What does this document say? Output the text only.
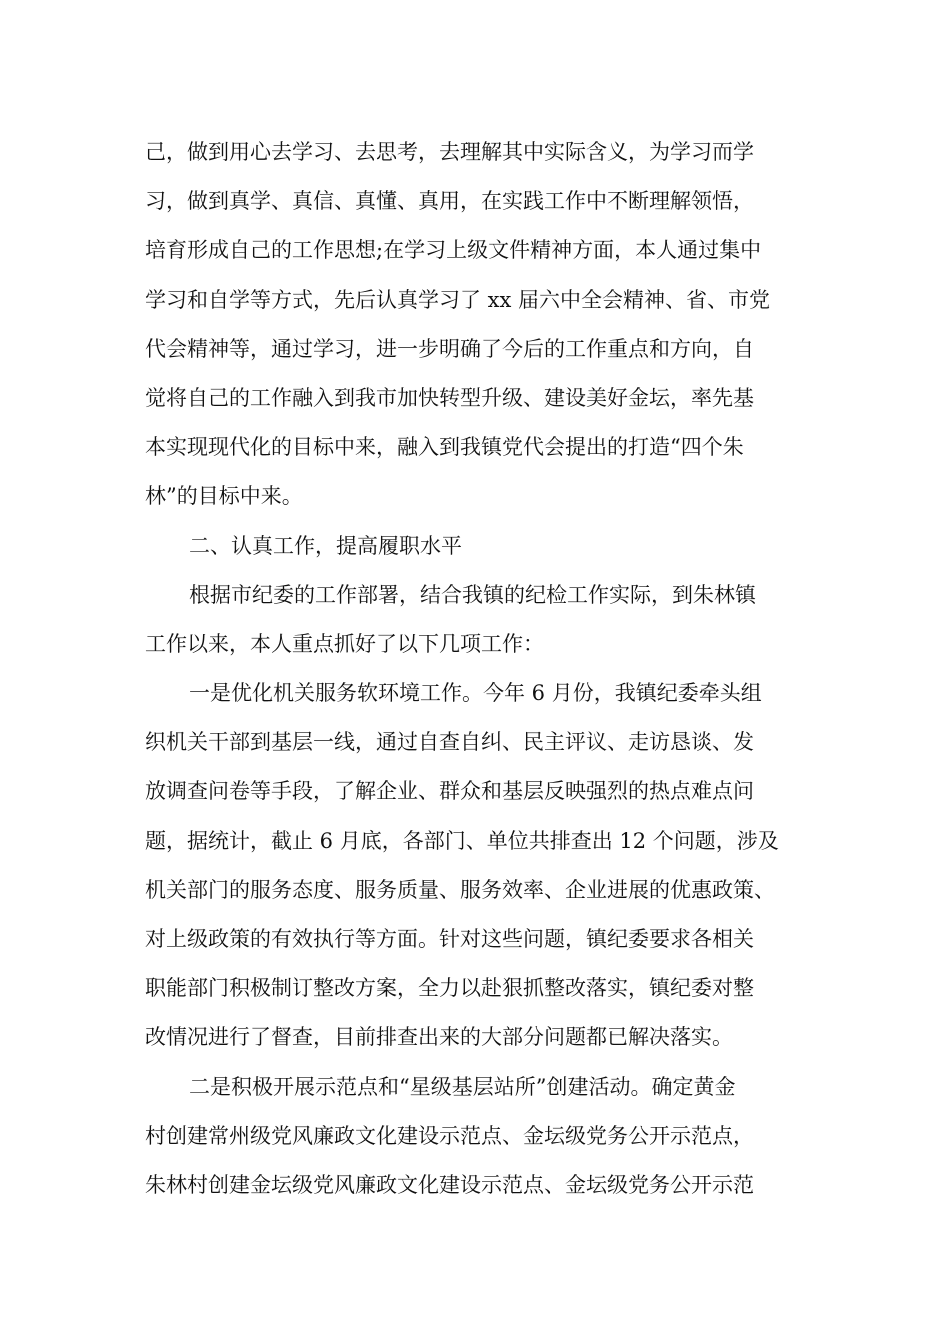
己，做到用心去学习、去思考，去理解其中实际含义，为学习而学
习，做到真学、真信、真懂、真用，在实践工作中不断理解领悟，
培育形成自己的工作思想;在学习上级文件精神方面，本人通过集中
学习和自学等方式，先后认真学习了 xx 届六中全会精神、省、市党
代会精神等，通过学习，进一步明确了今后的工作重点和方向，自
觉将自己的工作融入到我市加快转型升级、建设美好金坛，率先基
本实现现代化的目标中来，融入到我镇党代会提出的打造“四个朱
林”的目标中来。
二、认真工作，提高履职水平
根据市纪委的工作部署，结合我镇的纪检工作实际，到朱林镇
工作以来，本人重点抓好了以下几项工作：
一是优化机关服务软环境工作。今年 6 月份，我镇纪委牵头组
织机关干部到基层一线，通过自查自纠、民主评议、走访恳谈、发
放调查问卷等手段，了解企业、群众和基层反映强烈的热点难点问
题，据统计，截止 6 月底，各部门、单位共排查出 12 个问题，涉及
机关部门的服务态度、服务质量、服务效率、企业进展的优惠政策、
对上级政策的有效执行等方面。针对这些问题，镇纪委要求各相关
职能部门积极制订整改方案，全力以赴狠抓整改落实，镇纪委对整
改情况进行了督查，目前排查出来的大部分问题都已解决落实。
二是积极开展示范点和“星级基层站所”创建活动。确定黄金
村创建常州级党风廉政文化建设示范点、金坛级党务公开示范点，
朱林村创建金坛级党风廉政文化建设示范点、金坛级党务公开示范
